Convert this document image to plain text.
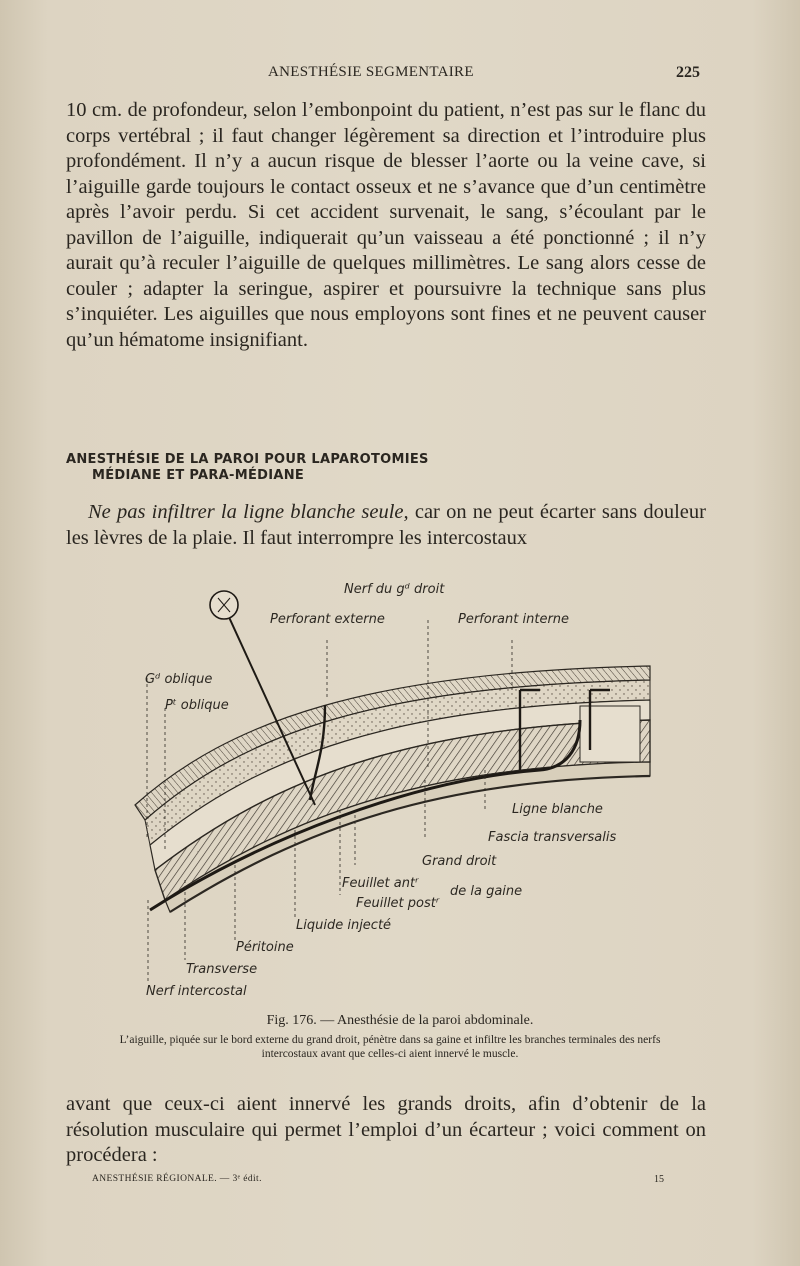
ANESTHÉSIE SEGMENTAIRE	225

10 cm. de profondeur, selon l’embonpoint du patient, n’est pas sur le flanc du corps vertébral ; il faut changer légèrement sa direction et l’introduire plus profondément. Il n’y a aucun risque de blesser l’aorte ou la veine cave, si l’aiguille garde toujours le contact osseux et ne s’avance que d’un centimètre après l’avoir perdu. Si cet accident survenait, le sang, s’écoulant par le pavillon de l’aiguille, indiquerait qu’un vaisseau a été ponctionné ; il n’y aurait qu’à reculer l’aiguille de quelques millimètres. Le sang alors cesse de couler ; adapter la seringue, aspirer et poursuivre la technique sans plus s’inquiéter. Les aiguilles que nous employons sont fines et ne peuvent causer qu’un hématome insignifiant.

ANESTHÉSIE DE LA PAROI POUR LAPAROTOMIES
MÉDIANE ET PARA-MÉDIANE

Ne pas infiltrer la ligne blanche seule, car on ne peut écarter sans douleur les lèvres de la plaie. Il faut interrompre les intercostaux

Nerf du gᵈ droit
Perforant externe	Perforant interne
Gᵈ oblique
Pᵗ oblique
Ligne blanche
Fascia transversalis
Grand droit
Feuillet antʳ
Feuillet postʳ
de la gaine
Liquide injecté
Péritoine
Transverse
Nerf intercostal
Fig. 176. — Anesthésie de la paroi abdominale.
L’aiguille, piquée sur le bord externe du grand droit, pénètre dans sa gaine et infiltre les branches terminales des nerfs intercostaux avant que celles-ci aient innervé le muscle.

avant que ceux-ci aient innervé les grands droits, afin d’obtenir de la résolution musculaire qui permet l’emploi d’un écarteur ; voici comment on procédera :

ANESTHÉSIE RÉGIONALE. — 3ᵉ édit.	15
